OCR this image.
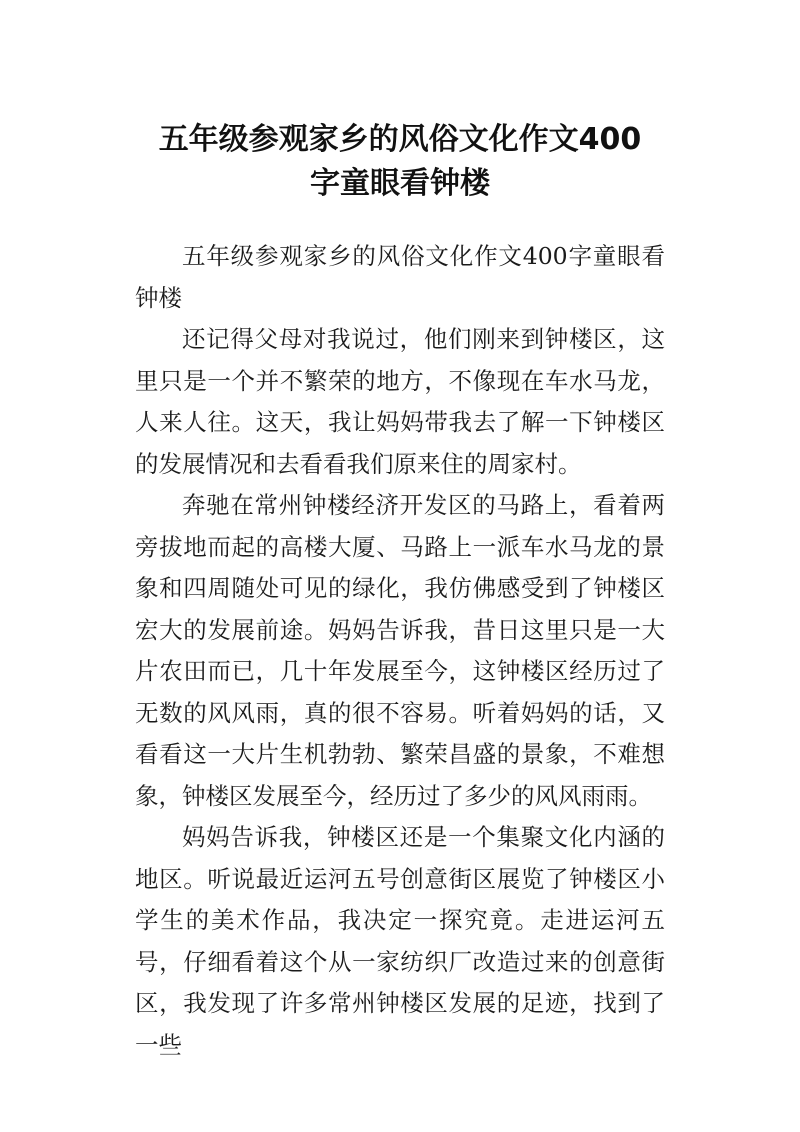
五年级参观家乡的风俗文化作文400
字童眼看钟楼

五年级参观家乡的风俗文化作文400字童眼看钟楼

还记得父母对我说过，他们刚来到钟楼区，这里只是一个并不繁荣的地方，不像现在车水马龙，人来人往。这天，我让妈妈带我去了解一下钟楼区的发展情况和去看看我们原来住的周家村。

奔驰在常州钟楼经济开发区的马路上，看着两旁拔地而起的高楼大厦、马路上一派车水马龙的景象和四周随处可见的绿化，我仿佛感受到了钟楼区宏大的发展前途。妈妈告诉我，昔日这里只是一大片农田而已，几十年发展至今，这钟楼区经历过了无数的风风雨，真的很不容易。听着妈妈的话，又看看这一大片生机勃勃、繁荣昌盛的景象，不难想象，钟楼区发展至今，经历过了多少的风风雨雨。

妈妈告诉我，钟楼区还是一个集聚文化内涵的地区。听说最近运河五号创意街区展览了钟楼区小学生的美术作品，我决定一探究竟。走进运河五号，仔细看着这个从一家纺织厂改造过来的创意街区，我发现了许多常州钟楼区发展的足迹，找到了一些
